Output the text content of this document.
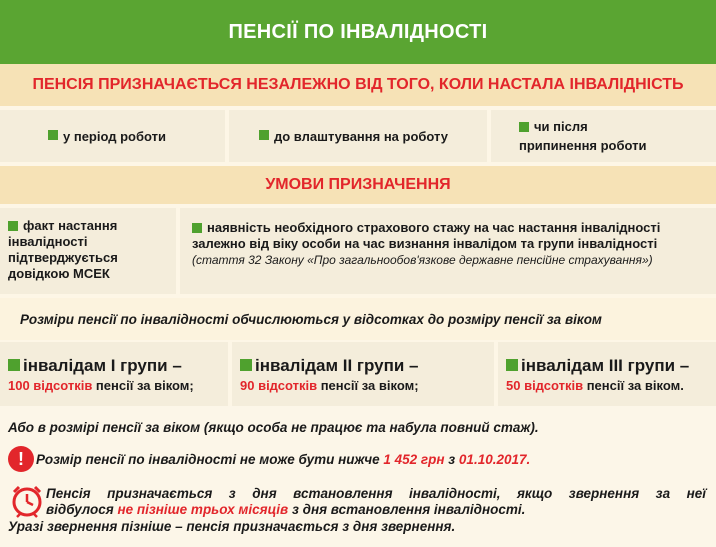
ПЕНСІЇ ПО ІНВАЛІДНОСТІ
ПЕНСІЯ ПРИЗНАЧАЄТЬСЯ НЕЗАЛЕЖНО ВІД ТОГО, КОЛИ НАСТАЛА ІНВАЛІДНІСТЬ
у період роботи	до влаштування на роботу
чи після
припинення роботи
УМОВИ ПРИЗНАЧЕННЯ
факт настання
інвалідності
підтверджується
довідкою МСЕК
наявність необхідного страхового стажу на час настання інвалідності
залежно від віку особи на час визнання інвалідом та групи інвалідності
(стаття 32 Закону «Про загальнообов'язкове державне пенсійне страхування»)
Розміри пенсії по інвалідності обчислюються у відсотках до розміру пенсії за віком
інвалідам I групи –
100 відсотків пенсії за віком;
інвалідам II групи –
90 відсотків пенсії за віком;
інвалідам III групи –
50 відсотків пенсії за віком.
Або в розмірі пенсії за віком (якщо особа не працює та набула повний стаж).
! Розмір пенсії по інвалідності не може бути нижче 1 452 грн з 01.10.2017.
Пенсія призначається з дня встановлення інвалідності, якщо звернення за неї
відбулося не пізніше трьох місяців з дня встановлення інвалідності.
Уразі звернення пізніше – пенсія призначається з дня звернення.
